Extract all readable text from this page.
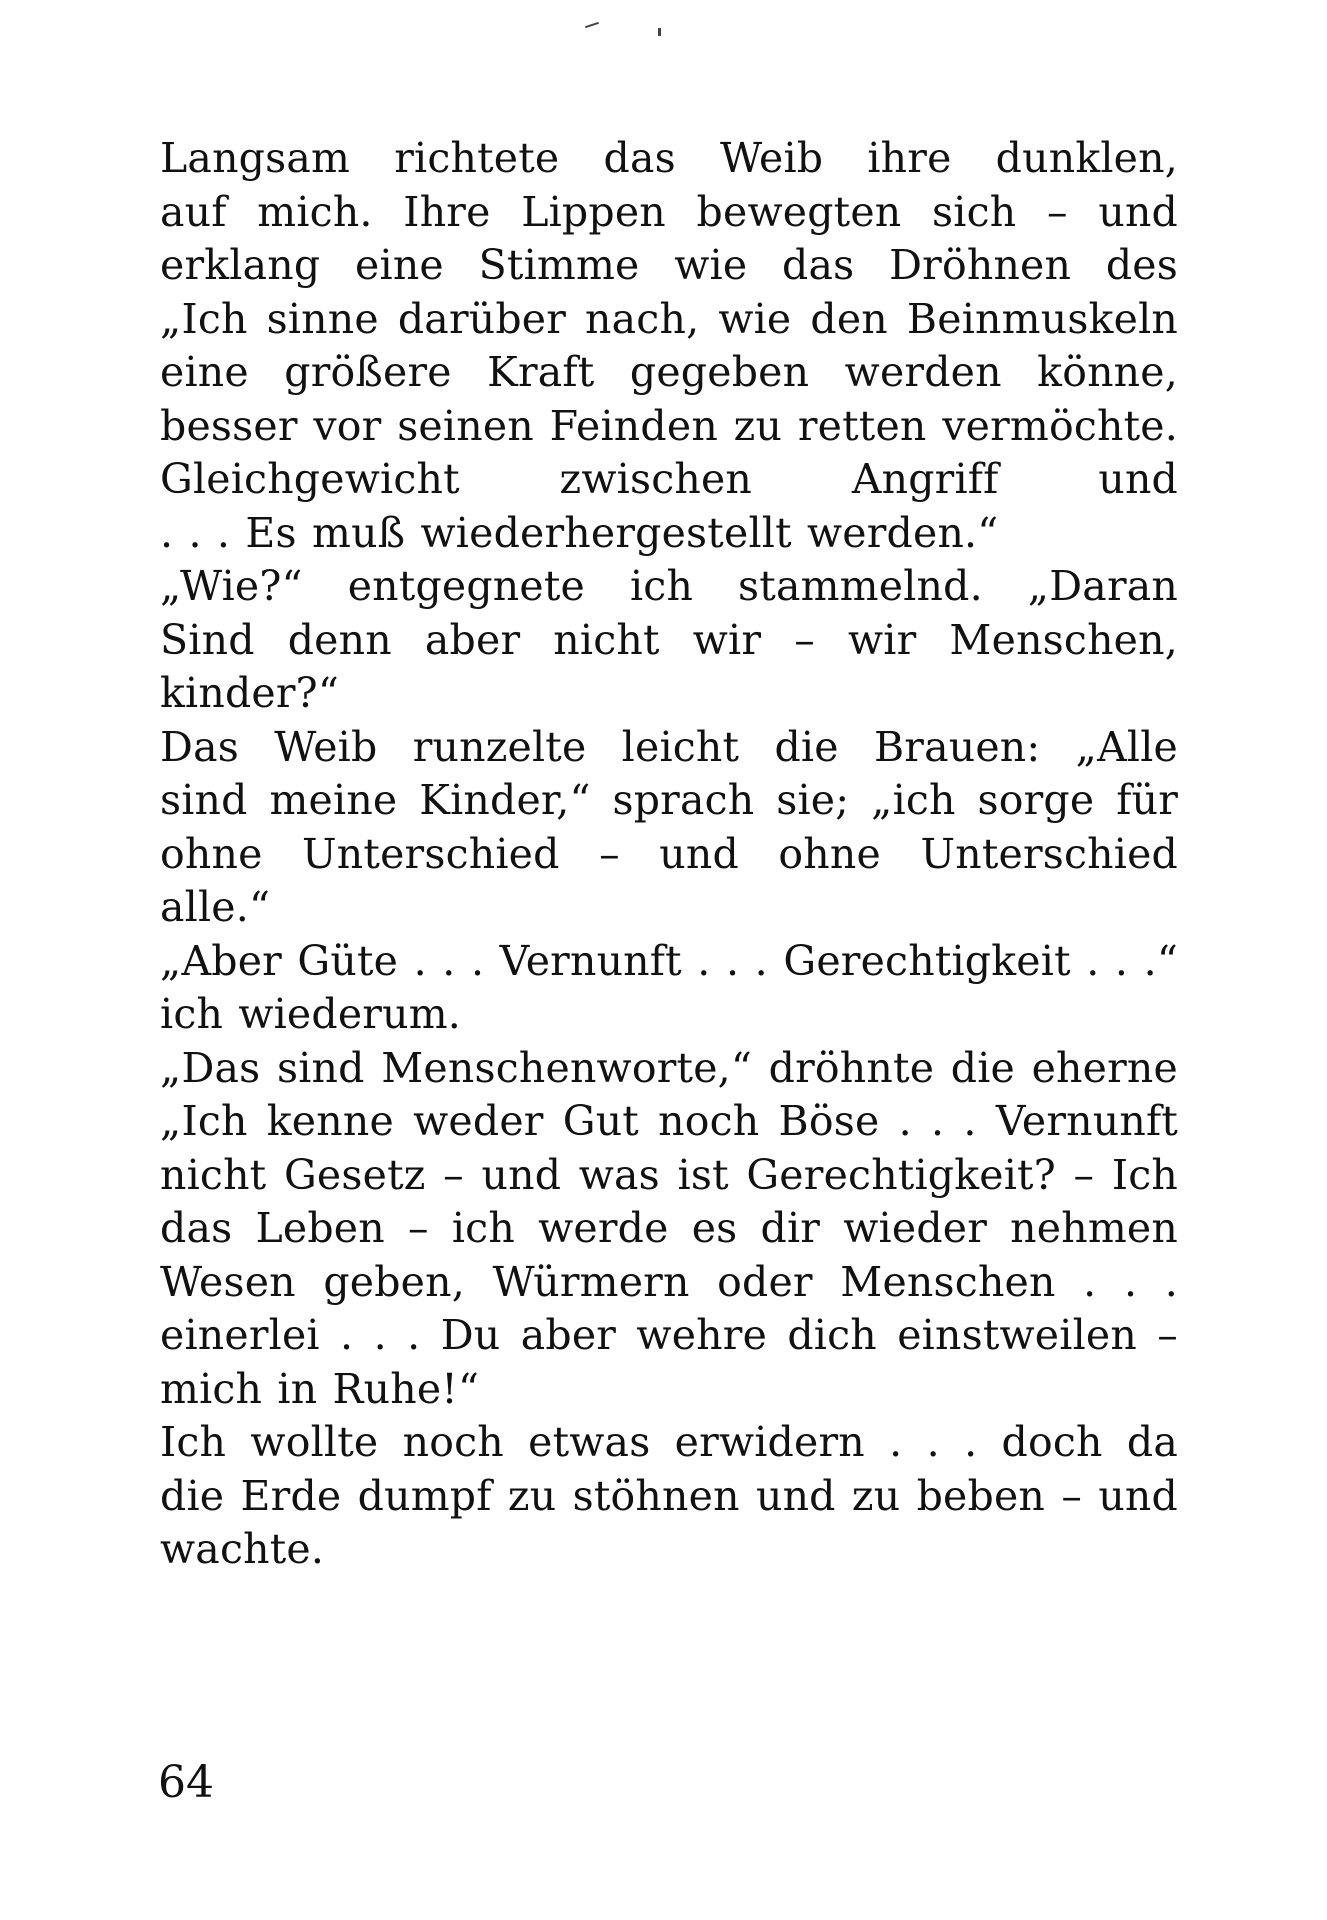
Langsam richtete das Weib ihre dunklen,
auf mich. Ihre Lippen bewegten sich – und
erklang eine Stimme wie das Dröhnen des
„Ich sinne darüber nach, wie den Beinmuskeln
eine größere Kraft gegeben werden könne,
besser vor seinen Feinden zu retten vermöchte.
Gleichgewicht zwischen Angriff und
. . . Es muß wiederhergestellt werden.“
„Wie?“ entgegnete ich stammelnd. „Daran
Sind denn aber nicht wir – wir Menschen,
kinder?“
Das Weib runzelte leicht die Brauen: „Alle
sind meine Kinder,“ sprach sie; „ich sorge für
ohne Unterschied – und ohne Unterschied
alle.“
„Aber Güte . . . Vernunft . . . Gerechtigkeit . . .“
ich wiederum.
„Das sind Menschenworte,“ dröhnte die eherne
„Ich kenne weder Gut noch Böse . . . Vernunft
nicht Gesetz – und was ist Gerechtigkeit? – Ich
das Leben – ich werde es dir wieder nehmen
Wesen geben, Würmern oder Menschen . . .
einerlei . . . Du aber wehre dich einstweilen –
mich in Ruhe!“
Ich wollte noch etwas erwidern . . . doch da
die Erde dumpf zu stöhnen und zu beben – und
wachte.
64
